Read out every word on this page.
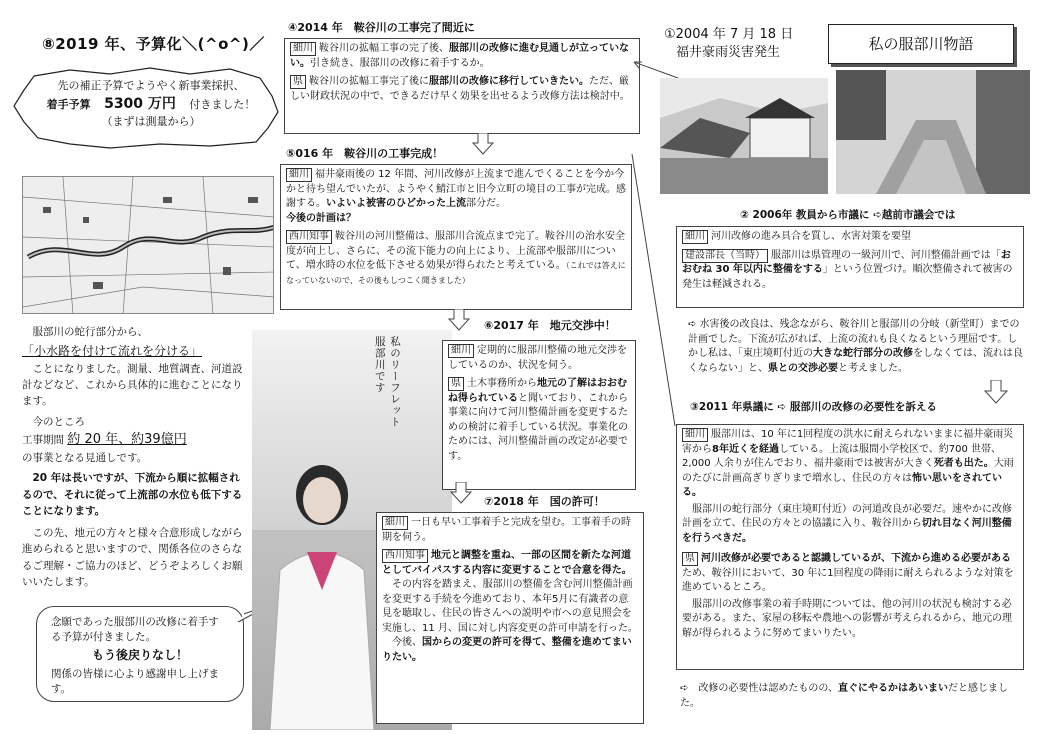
⑧2019 年、予算化＼(^o^)／
先の補正予算でようやく新事業採択、
着手予算 5300 万円 付きました！
（まずは測量から）

服部川の蛇行部分から、

「小水路を付けて流れを分ける」

ことになりました。測量、地質調査、河道設計などなど、これから具体的に進むことになります。

今のところ

工事期間 約 20 年、約39億円

の事業となる見通しです。

20 年は長いですが、下流から順に拡幅されるので、それに従って上流部の水位も低下することになります。

この先、地元の方々と様々合意形成しながら進められると思いますので、関係各位のさらなるご理解・ご協力のほど、どうぞよろしくお願いいたします。

念願であった服部川の改修に着手する予算が付きました。

もう後戻りなし！

関係の皆様に心より感謝申し上げます。

私のリーフレット 服部川です
④2014 年　鞍谷川の工事完了間近に

細川 鞍谷川の拡幅工事の完了後、服部川の改修に進む見通しが立っていない。引き続き、服部川の改修に着手するか。

県 鞍谷川の拡幅工事完了後に服部川の改修に移行していきたい。ただ、厳しい財政状況の中で、できるだけ早く効果を出せるよう改修方法は検討中。

⑤016 年　鞍谷川の工事完成！

細川 福井豪雨後の 12 年間、河川改修が上流まで進んでくることを今か今かと待ち望んでいたが、ようやく鯖江市と旧今立町の境目の工事が完成。感謝する。いよいよ被害のひどかった上流部分だ。

今後の計画は？

西川知事 鞍谷川の河川整備は、服部川合流点まで完了。鞍谷川の治水安全度が向上し、さらに、その流下能力の向上により、上流部や服部川について、増水時の水位を低下させる効果が得られたと考えている。（これでは答えになっていないので、その後もしつこく聞きました）

⑥2017 年　地元交渉中！

細川 定期的に服部川整備の地元交渉をしているのか、状況を伺う。

県 土木事務所から地元の了解はおおむね得られていると聞いており、これから事業に向けて河川整備計画を変更するための検討に着手している状況。事業化のためには、河川整備計画の改定が必要です。

⑦2018 年　国の許可！

細川 一日も早い工事着手と完成を望む。工事着手の時期を伺う。

西川知事 地元と調整を重ね、一部の区間を新たな河道としてバイパスする内容に変更することで合意を得た。

その内容を踏まえ、服部川の整備を含む河川整備計画を変更する手続を今進めており、本年5月に有識者の意見を聴取し、住民の皆さんへの説明や市への意見照会を実施し、11 月、国に対し内容変更の許可申請を行った。

今後、国からの変更の許可を得て、整備を進めてまいりたい。

①2004 年 7 月 18 日
福井豪雨災害発生	私の服部川物語
② 2006年 教員から市議に ➪越前市議会では

細川 河川改修の進み具合を質し、水害対策を要望

建設部長（当時） 服部川は県管理の一級河川で、河川整備計画では「おおむね 30 年以内に整備をする」という位置づけ。順次整備されて被害の発生は軽減される。

➪ 水害後の改良は、残念ながら、鞍谷川と服部川の分岐（新堂町）までの計画でした。下流が広がれば、上流の流れも良くなるという理屈です。しかし私は、「東庄境町付近の大きな蛇行部分の改修をしなくては、流れは良くならない」と、県との交渉必要と考えました。
③2011 年県議に ➪ 服部川の改修の必要性を訴える

細川 服部川は、10 年に1回程度の洪水に耐えられないままに福井豪雨災害から8年近くを経過している。上流は服間小学校区で、約700 世帯、2,000 人余りが住んでおり、福井豪雨では被害が大きく死者も出た。大雨のたびに計画高ぎりぎりまで増水し、住民の方々は怖い思いをされている。

服部川の蛇行部分（東庄境町付近）の河道改良が必要だ。速やかに改修計画を立て、住民の方々との協議に入り、鞍谷川から切れ目なく河川整備を行うべきだ。

県 河川改修が必要であると認識しているが、下流から進める必要があるため、鞍谷川において、30 年に1回程度の降雨に耐えられるような対策を進めているところ。

服部川の改修事業の着手時期については、他の河川の状況も検討する必要がある。また、家屋の移転や農地への影響が考えられるから、地元の理解が得られるように努めてまいりたい。

➪　改修の必要性は認めたものの、直ぐにやるかはあいまいだと感じました。
